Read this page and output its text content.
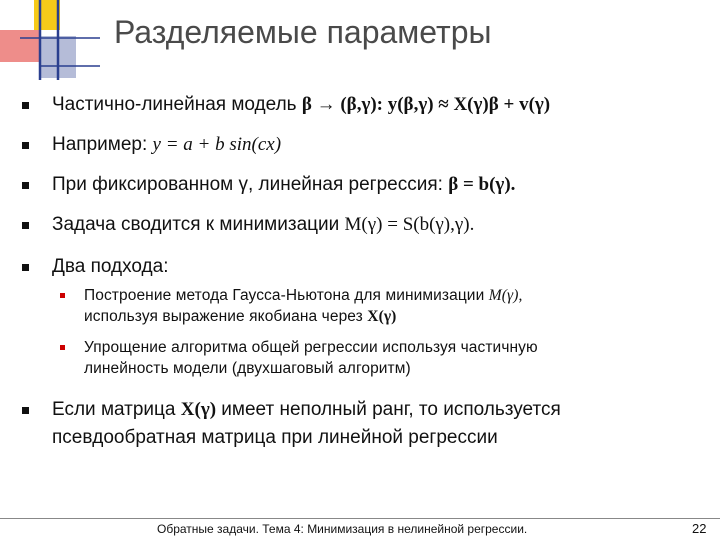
Разделяемые параметры
Частично-линейная модель β → (β,γ): y(β,γ) ≈ X(γ)β + v(γ)
Например: y = a + b sin(cx)
При фиксированном γ, линейная регрессия: β = b(γ).
Задача сводится к минимизации M(γ) = S(b(γ),γ).
Два подхода:
Построение метода Гаусса-Ньютона для минимизации M(γ),
используя выражение якобиана через X(γ)
Упрощение алгоритма общей регрессии используя частичную
линейность модели (двухшаговый алгоритм)
Если матрица X(γ) имеет неполный ранг, то используется
псевдообратная матрица при линейной регрессии
Обратные задачи. Тема 4: Минимизация в нелинейной регрессии.	22
